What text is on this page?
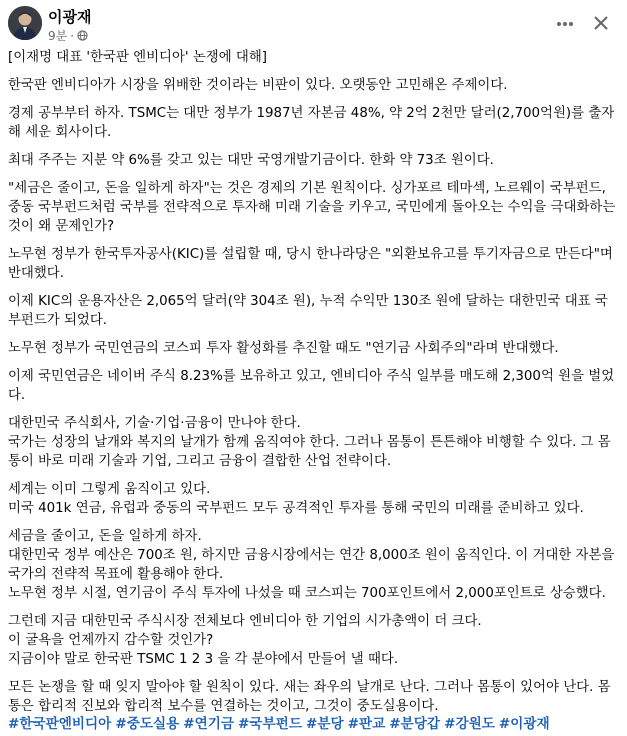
이광재
9분 ·

[이재명 대표 '한국판 엔비디아' 논쟁에 대해]

한국판 엔비디아가 시장을 위배한 것이라는 비판이 있다. 오랫동안 고민해온 주제이다.

경제 공부부터 하자. TSMC는 대만 정부가 1987년 자본금 48%, 약 2억 2천만 달러(2,700억원)를 출자해 세운 회사이다.

최대 주주는 지분 약 6%를 갖고 있는 대만 국영개발기금이다. 한화 약 73조 원이다.

"세금은 줄이고, 돈을 일하게 하자"는 것은 경제의 기본 원칙이다. 싱가포르 테마섹, 노르웨이 국부펀드, 중동 국부펀드처럼 국부를 전략적으로 투자해 미래 기술을 키우고, 국민에게 돌아오는 수익을 극대화하는 것이 왜 문제인가?

노무현 정부가 한국투자공사(KIC)를 설립할 때, 당시 한나라당은 "외환보유고를 투기자금으로 만든다"며 반대했다.

이제 KIC의 운용자산은 2,065억 달러(약 304조 원), 누적 수익만 130조 원에 달하는 대한민국 대표 국부펀드가 되었다.

노무현 정부가 국민연금의 코스피 투자 활성화를 추진할 때도 "연기금 사회주의"라며 반대했다.

이제 국민연금은 네이버 주식 8.23%를 보유하고 있고, 엔비디아 주식 일부를 매도해 2,300억 원을 벌었다.

대한민국 주식회사, 기술·기업·금융이 만나야 한다.
국가는 성장의 날개와 복지의 날개가 함께 움직여야 한다. 그러나 몸통이 튼튼해야 비행할 수 있다. 그 몸통이 바로 미래 기술과 기업, 그리고 금융이 결합한 산업 전략이다.

세계는 이미 그렇게 움직이고 있다.
미국 401k 연금, 유럽과 중동의 국부펀드 모두 공격적인 투자를 통해 국민의 미래를 준비하고 있다.

세금을 줄이고, 돈을 일하게 하자.
대한민국 정부 예산은 700조 원, 하지만 금융시장에서는 연간 8,000조 원이 움직인다. 이 거대한 자본을 국가의 전략적 목표에 활용해야 한다.
노무현 정부 시절, 연기금이 주식 투자에 나섰을 때 코스피는 700포인트에서 2,000포인트로 상승했다.

그런데 지금 대한민국 주식시장 전체보다 엔비디아 한 기업의 시가총액이 더 크다.
이 굴욕을 언제까지 감수할 것인가?
지금이야 말로 한국판 TSMC 1 2 3 을 각 분야에서 만들어 낼 때다.

모든 논쟁을 할 때 잊지 말아야 할 원칙이 있다. 새는 좌우의 날개로 난다. 그러나 몸통이 있어야 난다. 몸통은 합리적 진보와 합리적 보수를 연결하는 것이고, 그것이 중도실용이다.

#한국판엔비디아 #중도실용 #연기금 #국부펀드 #분당 #판교 #분당갑 #강원도 #이광재
